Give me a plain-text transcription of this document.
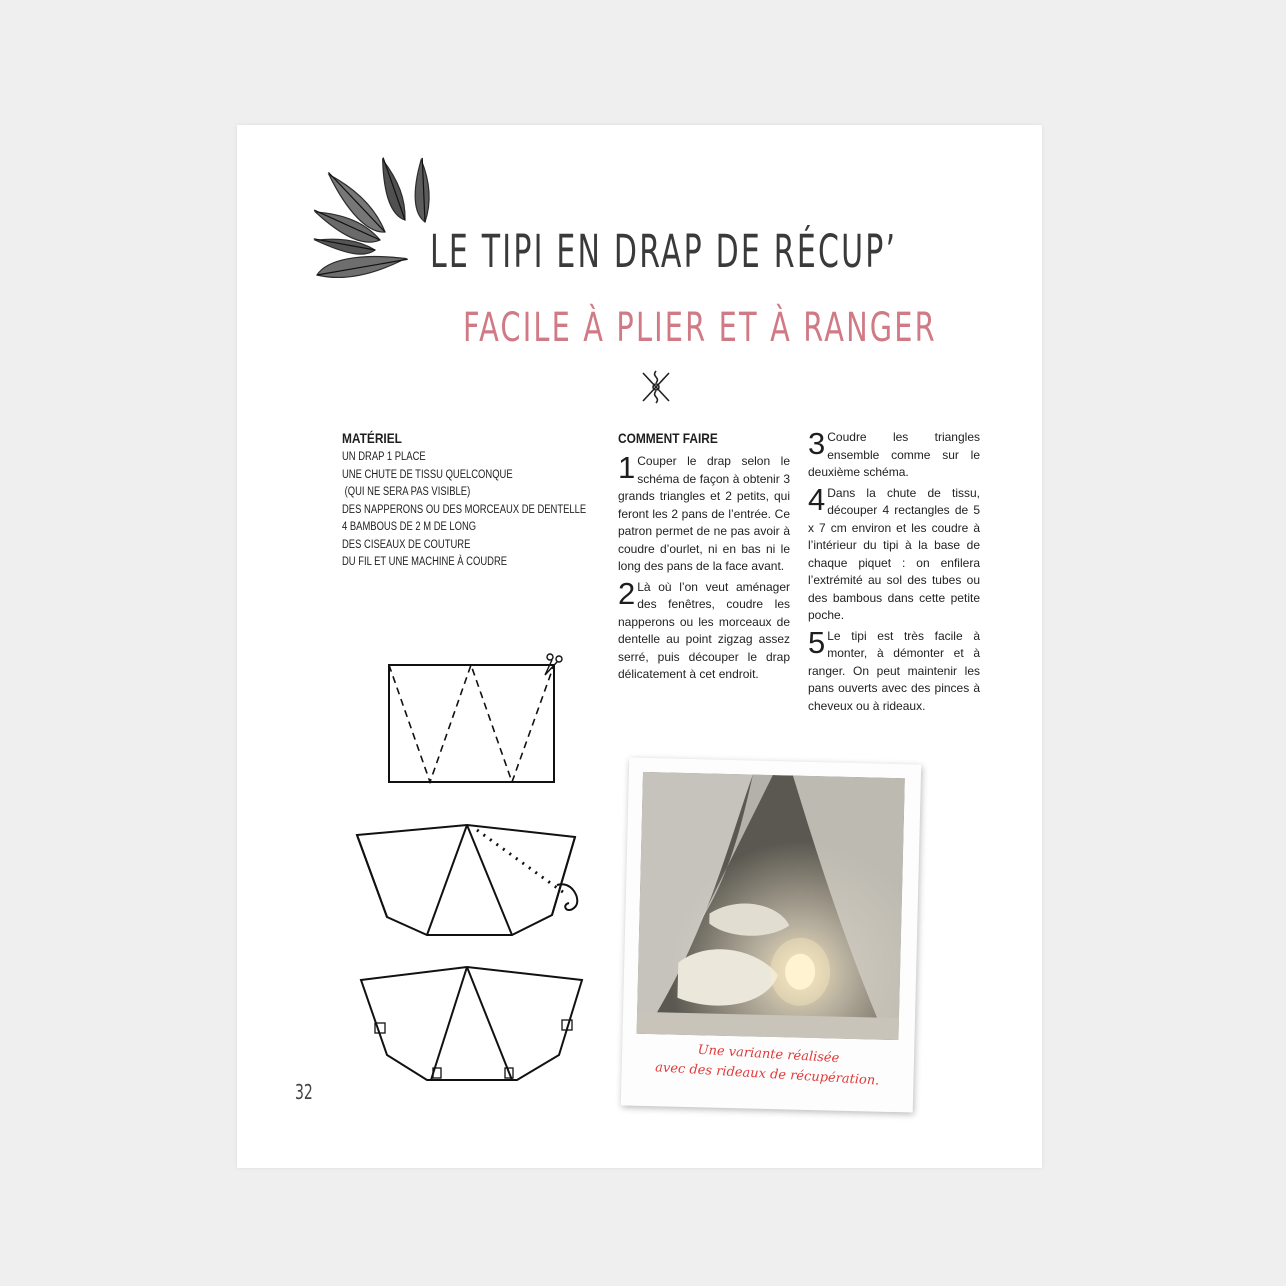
LE TIPI EN DRAP DE RÉCUP’
FACILE À PLIER ET À RANGER
MATÉRIEL
UN DRAP 1 PLACE
UNE CHUTE DE TISSU QUELCONQUE
(QUI NE SERA PAS VISIBLE)
DES NAPPERONS OU DES MORCEAUX DE DENTELLE
4 BAMBOUS DE 2 M DE LONG
DES CISEAUX DE COUTURE
DU FIL ET UNE MACHINE À COUDRE
COMMENT FAIRE

1 Couper le drap selon le schéma de façon à obtenir 3 grands triangles et 2 petits, qui feront les 2 pans de l’entrée. Ce patron permet de ne pas avoir à coudre d’ourlet, ni en bas ni le long des pans de la face avant.

2 Là où l’on veut aménager des fenêtres, coudre les napperons ou les morceaux de dentelle au point zigzag assez serré, puis découper le drap délicatement à cet endroit.

3 Coudre les triangles ensemble comme sur le deuxième schéma.

4 Dans la chute de tissu, découper 4 rectangles de 5 x 7 cm environ et les coudre à l’intérieur du tipi à la base de chaque piquet : on enfilera l’extrémité au sol des tubes ou des bambous dans cette petite poche.

5 Le tipi est très facile à monter, à démonter et à ranger. On peut maintenir les pans ouverts avec des pinces à cheveux ou à rideaux.

Une variante réalisée
avec des rideaux de récupération.

32
